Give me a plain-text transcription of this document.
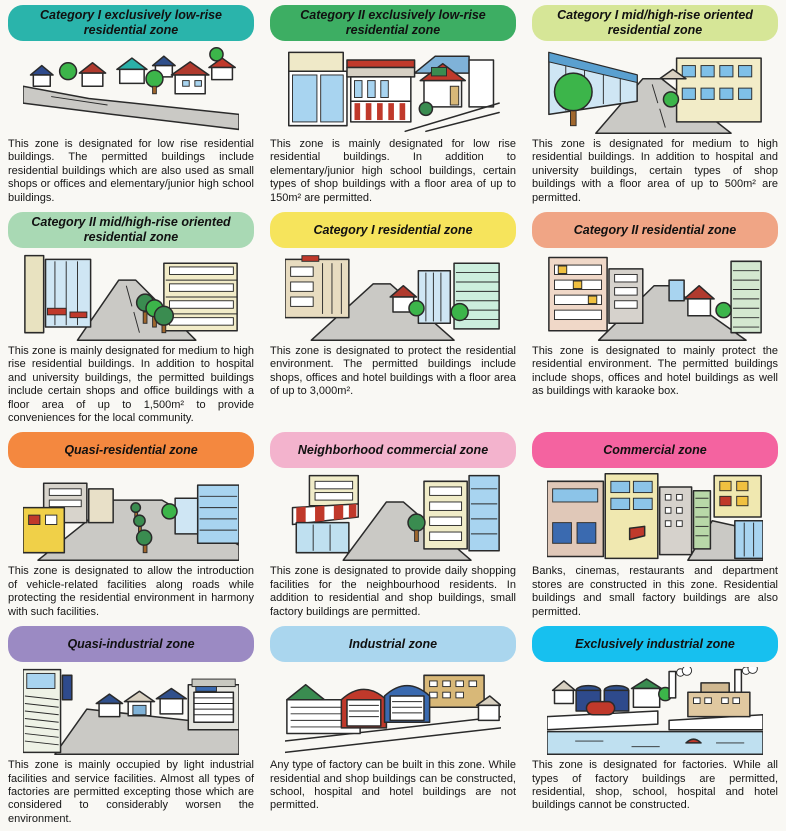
Category I exclusively low-rise residential zone

This zone is designated for low rise residential buildings. The permitted buildings include residential buildings which are also used as small shops or offices and elementary/junior high school buildings.

Category II exclusively low-rise residential zone

This zone is mainly designated for low rise residential buildings. In addition to elementary/junior high school buildings, certain types of shop buildings with a floor area of up to 150m² are permitted.

Category I mid/high-rise oriented residential zone

This zone is designated for medium to high residential buildings. In addition to hospital and university buildings, certain types of shop buildings with a floor area of up to 500m² are permitted.

Category II mid/high-rise oriented residential zone

This zone is mainly designated for medium to high rise residential buildings. In addition to hospital and university buildings, the permitted buildings include certain shops and office buildings with a floor area of up to 1,500m² to provide conveniences for the local community.

Category I residential zone

This zone is designated to protect the residential environment. The permitted buildings include shops, offices and hotel buildings with a floor area of up to 3,000m².

Category II residential zone

This zone is designated to mainly protect the residential environment. The permitted buildings include shops, offices and hotel buildings as well as buildings with karaoke box.

Quasi-residential zone

This zone is designated to allow the introduction of vehicle-related facilities along roads while protecting the residential environment in harmony with such facilities.

Neighborhood commercial zone

This zone is designated to provide daily shopping facilities for the neighbourhood residents. In addition to residential and shop buildings, small factory buildings are permitted.

Commercial zone

Banks, cinemas, restaurants and department stores are constructed in this zone. Residential buildings and small factory buildings are also permitted.

Quasi-industrial zone

This zone is mainly occupied by light industrial facilities and service facilities. Almost all types of factories are permitted excepting those which are considered to considerably worsen the environment.

Industrial zone

Any type of factory can be built in this zone. While residential and shop buildings can be constructed, school, hospital and hotel buildings are not permitted.

Exclusively industrial zone

This zone is designated for factories. While all types of factory buildings are permitted, residential, shop, school, hospital and hotel buildings cannot be constructed.
